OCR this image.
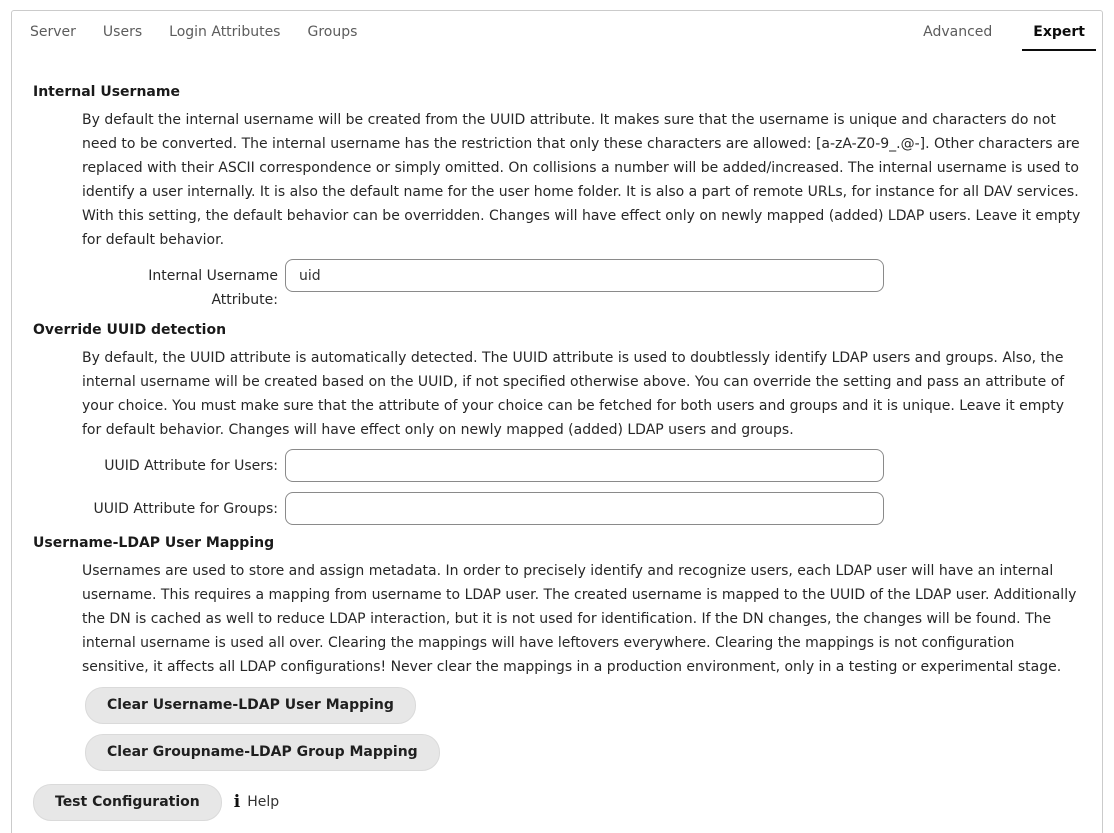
Server Users Login Attributes Groups	Advanced	Expert
Internal Username

By default the internal username will be created from the UUID attribute. It makes sure that the username is unique and characters do not need to be converted. The internal username has the restriction that only these characters are allowed: [a-zA-Z0-9_.@-]. Other characters are replaced with their ASCII correspondence or simply omitted. On collisions a number will be added/increased. The internal username is used to identify a user internally. It is also the default name for the user home folder. It is also a part of remote URLs, for instance for all DAV services. With this setting, the default behavior can be overridden. Changes will have effect only on newly mapped (added) LDAP users. Leave it empty for default behavior.

Internal Username Attribute:
uid
Override UUID detection

By default, the UUID attribute is automatically detected. The UUID attribute is used to doubtlessly identify LDAP users and groups. Also, the internal username will be created based on the UUID, if not specified otherwise above. You can override the setting and pass an attribute of your choice. You must make sure that the attribute of your choice can be fetched for both users and groups and it is unique. Leave it empty for default behavior. Changes will have effect only on newly mapped (added) LDAP users and groups.

UUID Attribute for Users:
UUID Attribute for Groups:
Username-LDAP User Mapping

Usernames are used to store and assign metadata. In order to precisely identify and recognize users, each LDAP user will have an internal username. This requires a mapping from username to LDAP user. The created username is mapped to the UUID of the LDAP user. Additionally the DN is cached as well to reduce LDAP interaction, but it is not used for identification. If the DN changes, the changes will be found. The internal username is used all over. Clearing the mappings will have leftovers everywhere. Clearing the mappings is not configuration sensitive, it affects all LDAP configurations! Never clear the mappings in a production environment, only in a testing or experimental stage.

Clear Username-LDAP User Mapping
Clear Groupname-LDAP Group Mapping
Test Configuration	i Help
